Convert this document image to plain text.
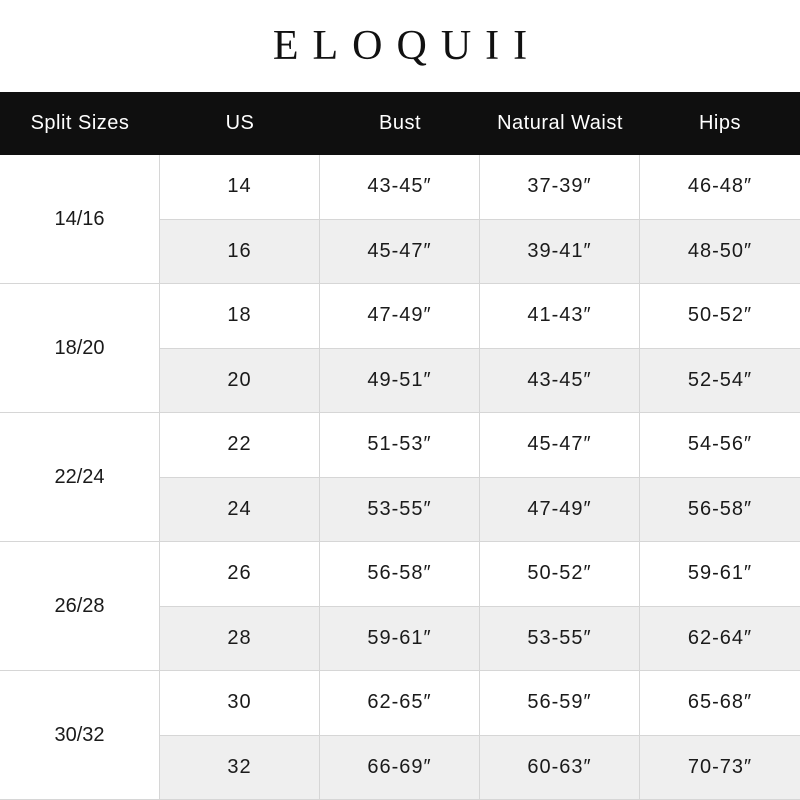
ELOQUII
Split Sizes	US	Bust	Natural Waist	Hips
14/16
14	43-45″	37-39″	46-48″
16	45-47″	39-41″	48-50″
18/20
18	47-49″	41-43″	50-52″
20	49-51″	43-45″	52-54″
22/24
22	51-53″	45-47″	54-56″
24	53-55″	47-49″	56-58″
26/28
26	56-58″	50-52″	59-61″
28	59-61″	53-55″	62-64″
30/32
30	62-65″	56-59″	65-68″
32	66-69″	60-63″	70-73″
